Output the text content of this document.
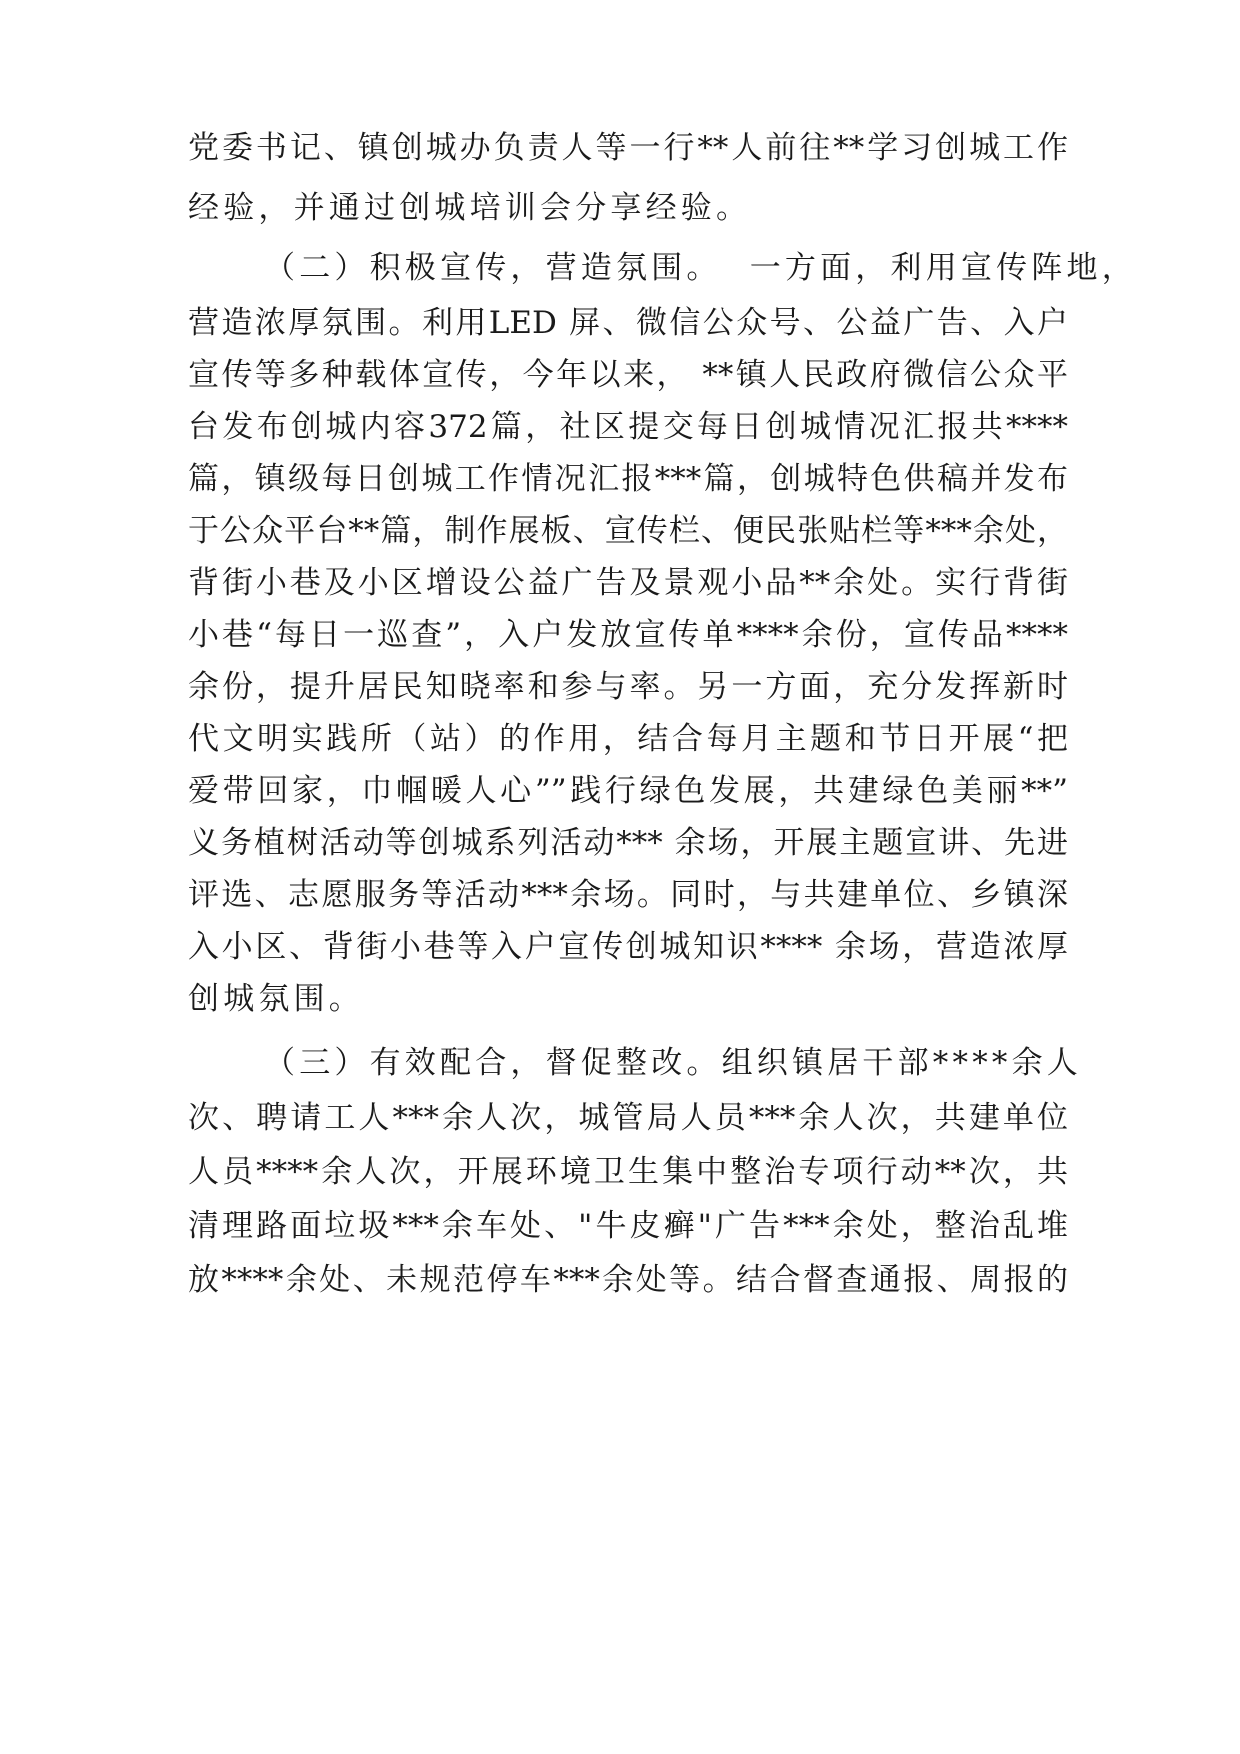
党委书记、镇创城办负责人等一行**人前往**学习创城工作
经验，并通过创城培训会分享经验。
（二）积极宣传，营造氛围。  一方面，利用宣传阵地，
营造浓厚氛围。利用LED 屏、微信公众号、公益广告、入户
宣传等多种载体宣传，今年以来， **镇人民政府微信公众平
台发布创城内容372篇，社区提交每日创城情况汇报共****
篇，镇级每日创城工作情况汇报***篇，创城特色供稿并发布
于公众平台**篇，制作展板、宣传栏、便民张贴栏等***余处，
背街小巷及小区增设公益广告及景观小品**余处。实行背街
小巷“每日一巡查”，入户发放宣传单****余份，宣传品****
余份，提升居民知晓率和参与率。另一方面，充分发挥新时
代文明实践所（站）的作用，结合每月主题和节日开展“把
爱带回家，巾帼暖人心””践行绿色发展，共建绿色美丽**”
义务植树活动等创城系列活动*** 余场，开展主题宣讲、先进
评选、志愿服务等活动***余场。同时，与共建单位、乡镇深
入小区、背街小巷等入户宣传创城知识**** 余场，营造浓厚
创城氛围。
（三）有效配合，督促整改。组织镇居干部****余人
次、聘请工人***余人次，城管局人员***余人次，共建单位
人员****余人次，开展环境卫生集中整治专项行动**次，共
清理路面垃圾***余车处、"牛皮癣"广告***余处，整治乱堆
放****余处、未规范停车***余处等。结合督查通报、周报的
